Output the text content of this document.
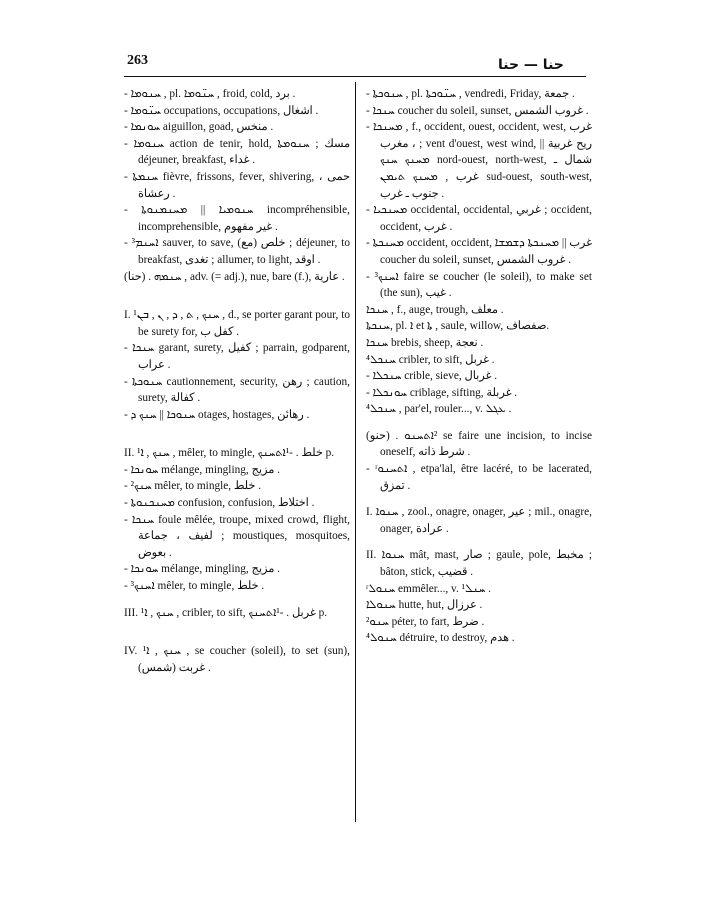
263	حنا — حنا

- ܚܢܘܡܐ , pl. ܚܢ̈ܘܡܐ , froid, cold, برد .

- ܚܢ̈ܘܡܐ occupations, occupations, اشغال .

- ܚܘܢܡܐ aiguillon, goad, منخس .

- ܚܢܘܡܐ action de tenir, hold, مسك ; ܚܢܘܡܬܐ déjeuner, breakfast, غداء .

- ܚܢܡܬܐ fièvre, frissons, fever, shivering, حمى ، رعشاة .

- ܚܢܘܡܝܐ || ܡܚܢܡܢܘܬܐ incompréhensible, incomprehensible, غير مفهوم .

- ³ܐܚܢܡ sauver, to save, (مع) خلص ; déjeuner, to breakfast, تغدى ; allumer, to light, اوقد .

(حنا) . ܚܢܡܗ , adv. (= adj.), nue, bare (f.), عارية .

I. ¹ܚܢܟ , ܬ , ܕ , ܢ , ܒܢ , d., se porter garant pour, to be surety for, كفل ب .

- ܚܢܟܐ garant, surety, كفيل ; parrain, godparent, عراب .

- ܚܢܘܟܬܐ cautionnement, security, رهن ; caution, surety, كفالة .

- ܚܢܘܟܐ || ܚܢܟ ܕ otages, hostages, رهائن .

II. ¹ܚܢܟ , ܐ , mêler, to mingle, خلط . -¹ܐܬܚܢܟ p.

- ܚܘܢܟܐ mélange, mingling, مزيج .

- ²ܚܢܟ mêler, to mingle, خلط .

- ܡܚܢܟܢܘܬܐ confusion, confusion, اختلاط .

- ܚܢܟܐ foule mêlée, troupe, mixed crowd, flight, لفيف ، جماعة ; moustiques, mosquitoes, بعوض .

- ܚܘܢܟܐ mélange, mingling, مزيج .

- ³ܐܚܢܟ mêler, to mingle, خلط .

III. ¹ܚܢܟ , ܐ , cribler, to sift, غربل . -¹ܐܬܚܢܟ p.

IV. ¹ܚܢܟ , ܐ , se coucher (soleil), to set (sun), غربت (شمس) .

- ܚܢܘܟܬܐ , pl. ܚܢ̈ܘܟܬܐ , vendredi, Friday, جمعة .

- ܚܢܟܐ coucher du soleil, sunset, غروب الشمس .

- ܡܚܢܟܐ , f., occident, ouest, occident, west, غرب ، مغرب ; vent d'ouest, west wind, ريح غربية || ܡܚܢܟ ܚܢܟ nord-ouest, north-west, شمال ـ غرب , ܡܚܢܟ ܬܝܡܢ sud-ouest, south-west, جنوب ـ غرب .

- ܡܚܢܟܝܐ occidental, occidental, غربي ; occident, occident, غرب .

- ܡܚܢܟܬܐ occident, occident, غرب || ܡܚܢܟܬܐ ܕܫܡܫܐ coucher du soleil, sunset, غروب الشمس .

- ³ܐܚܢܟ faire se coucher (le soleil), to make set (the sun), غيب .

ܚܢܟܐ , f., auge, trough, معلف .

ܚܢܟܬܐ, pl. ܐ et ܬܐ , saule, willow, صفصاف.

ܚܢܟܐ brebis, sheep, نعجة .

⁴ܚܢܟܠ cribler, to sift, غربل .

- ܚܢܟܠܐ crible, sieve, غربال .

- ܚܘܢܟܠܐ criblage, sifting, غربلة .

⁴ܚܢܟܠ , par'el, rouler..., v. ܥܓܠ .

(حنو) . ²ܐܬܚܢܘ se faire une incision, to incise oneself, شرط ذاته .

- ʳܐܬܚܢܘ , etpa'lal, être lacéré, to be lacerated, تمزق .

I. ܚܢܘܐ , zool., onagre, onager, عير ; mil., onagre, onager, عرادة .

II. ܚܢܘܐ mât, mast, صار ; gaule, pole, مخبط ; bâton, stick, قضيب .

ʳܚܢܘܠ emmêler..., v. ¹ܚܢܠ .

ܚܢܘܠܐ hutte, hut, عرزال .

²ܚܢܘ péter, to fart, ضرط .

⁴ܚܢܘܠ détruire, to destroy, هدم .
